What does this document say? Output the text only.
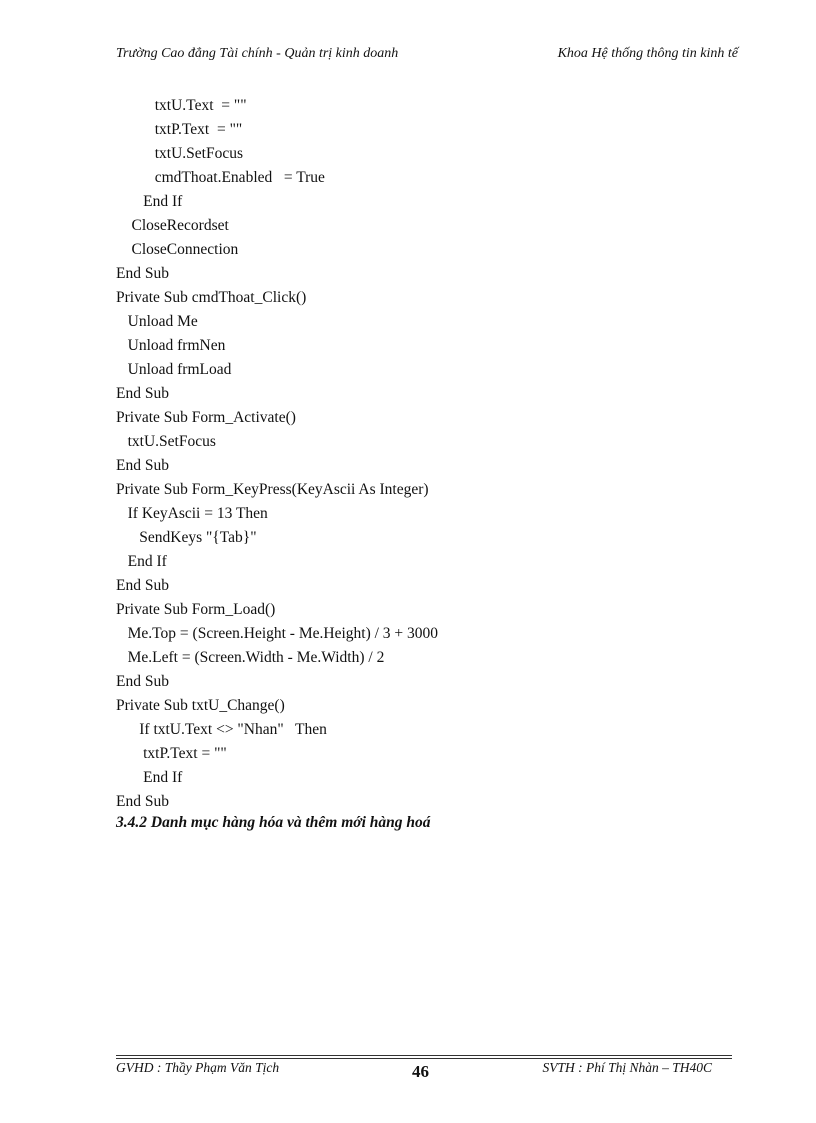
Trường Cao đẳng Tài chính - Quản trị kinh doanh	Khoa Hệ thống thông tin kinh tế
txtU.Text  = ""
txtP.Text  = ""
txtU.SetFocus
cmdThoat.Enabled   = True
End If
CloseRecordset
CloseConnection
End Sub
Private Sub cmdThoat_Click()
Unload Me
Unload frmNen
Unload frmLoad
End Sub
Private Sub Form_Activate()
txtU.SetFocus
End Sub
Private Sub Form_KeyPress(KeyAscii As Integer)
If KeyAscii = 13 Then
SendKeys "{Tab}"
End If
End Sub
Private Sub Form_Load()
Me.Top = (Screen.Height - Me.Height) / 3 + 3000
Me.Left = (Screen.Width - Me.Width) / 2
End Sub
Private Sub txtU_Change()
If txtU.Text <> "Nhan"   Then
txtP.Text = ""
End If
End Sub
3.4.2 Danh mục hàng hóa và thêm mới hàng hoá
GVHD : Thầy Phạm Văn Tịch	46	SVTH : Phí Thị Nhàn – TH40C
